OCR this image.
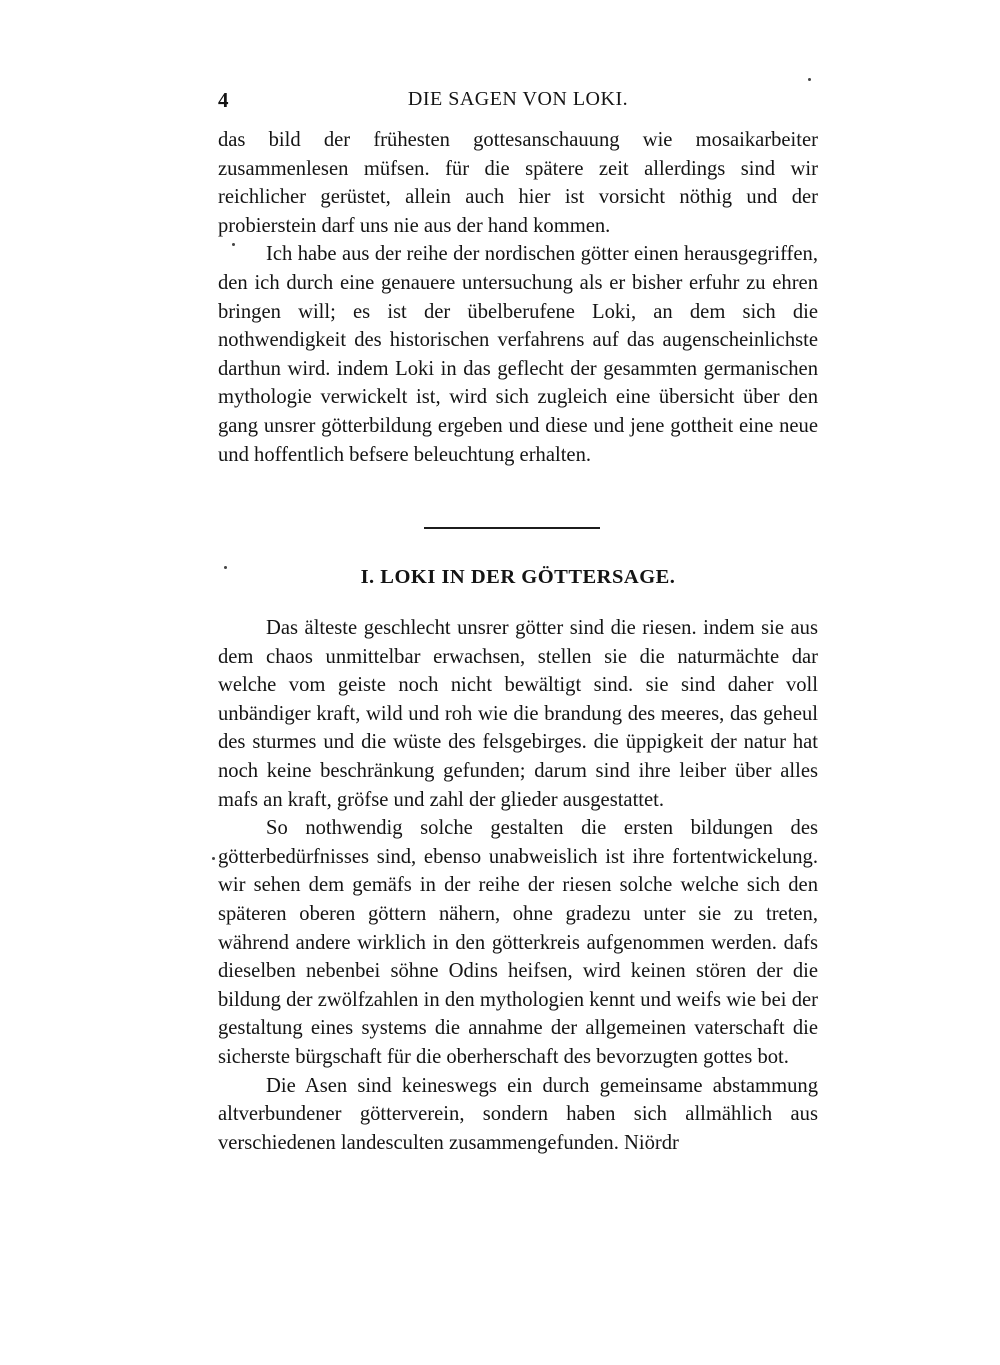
4	DIE SAGEN VON LOKI.

das bild der frühesten gottesanschauung wie mosaikarbeiter zusammenlesen müfsen. für die spätere zeit allerdings sind wir reichlicher gerüstet, allein auch hier ist vorsicht nöthig und der probierstein darf uns nie aus der hand kommen.

Ich habe aus der reihe der nordischen götter einen herausgegriffen, den ich durch eine genauere untersuchung als er bisher erfuhr zu ehren bringen will; es ist der übelberufene Loki, an dem sich die nothwendigkeit des historischen verfahrens auf das augenscheinlichste darthun wird. indem Loki in das geflecht der gesammten germanischen mythologie verwickelt ist, wird sich zugleich eine übersicht über den gang unsrer götterbildung ergeben und diese und jene gottheit eine neue und hoffentlich befsere beleuchtung erhalten.

I. LOKI IN DER GÖTTERSAGE.

Das älteste geschlecht unsrer götter sind die riesen. indem sie aus dem chaos unmittelbar erwachsen, stellen sie die naturmächte dar welche vom geiste noch nicht bewältigt sind. sie sind daher voll unbändiger kraft, wild und roh wie die brandung des meeres, das geheul des sturmes und die wüste des felsgebirges. die üppigkeit der natur hat noch keine beschränkung gefunden; darum sind ihre leiber über alles mafs an kraft, gröfse und zahl der glieder ausgestattet.

So nothwendig solche gestalten die ersten bildungen des götterbedürfnisses sind, ebenso unabweislich ist ihre fortentwickelung. wir sehen dem gemäfs in der reihe der riesen solche welche sich den späteren oberen göttern nähern, ohne gradezu unter sie zu treten, während andere wirklich in den götterkreis aufgenommen werden. dafs dieselben nebenbei söhne Odins heifsen, wird keinen stören der die bildung der zwölfzahlen in den mythologien kennt und weifs wie bei der gestaltung eines systems die annahme der allgemeinen vaterschaft die sicherste bürgschaft für die oberherschaft des bevorzugten gottes bot.

Die Asen sind keineswegs ein durch gemeinsame abstammung altverbundener götterverein, sondern haben sich allmählich aus verschiedenen landesculten zusammengefunden. Niördr
